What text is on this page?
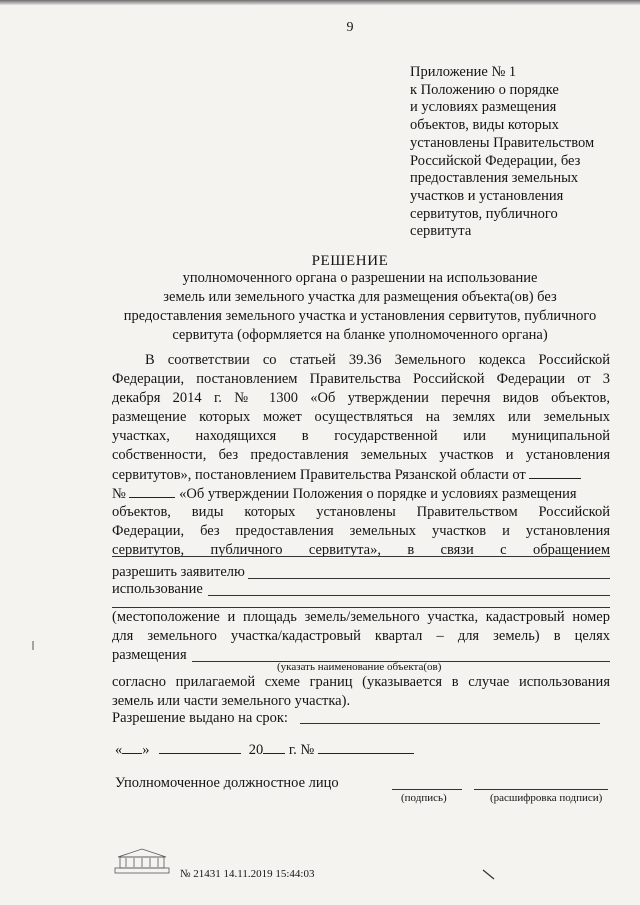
9
Приложение № 1
к Положению о порядке
и условиях размещения
объектов, виды которых
установлены Правительством
Российской Федерации, без
предоставления земельных
участков и установления
сервитутов, публичного
сервитута
РЕШЕНИЕ
уполномоченного органа о разрешении на использование
земель или земельного участка для размещения объекта(ов) без
предоставления земельного участка и установления сервитутов, публичного
сервитута (оформляется на бланке уполномоченного органа)
В соответствии со статьей 39.36 Земельного кодекса Российской
Федерации, постановлением Правительства Российской Федерации от 3
декабря 2014 г. № 1300 «Об утверждении перечня видов объектов,
размещение которых может осуществляться на землях или земельных
участках, находящихся в государственной или муниципальной
собственности, без предоставления земельных участков и установления
сервитутов», постановлением Правительства Рязанской области от
№	«Об утверждении Положения о порядке и условиях размещения
объектов, виды которых установлены Правительством Российской
Федерации, без предоставления земельных участков и установления
сервитутов, публичного сервитута», в связи с обращением
разрешить заявителю
использование
(местоположение и площадь земель/земельного участка, кадастровый номер
для земельного участка/кадастровый квартал – для земель) в целях
размещения
(указать наименование объекта(ов)
согласно прилагаемой схеме границ (указывается в случае использования
земель или части земельного участка).
Разрешение выдано на срок:
« »	20 г. №
Уполномоченное должностное лицо
(подпись)	(расшифровка подписи)
№ 21431 14.11.2019 15:44:03
